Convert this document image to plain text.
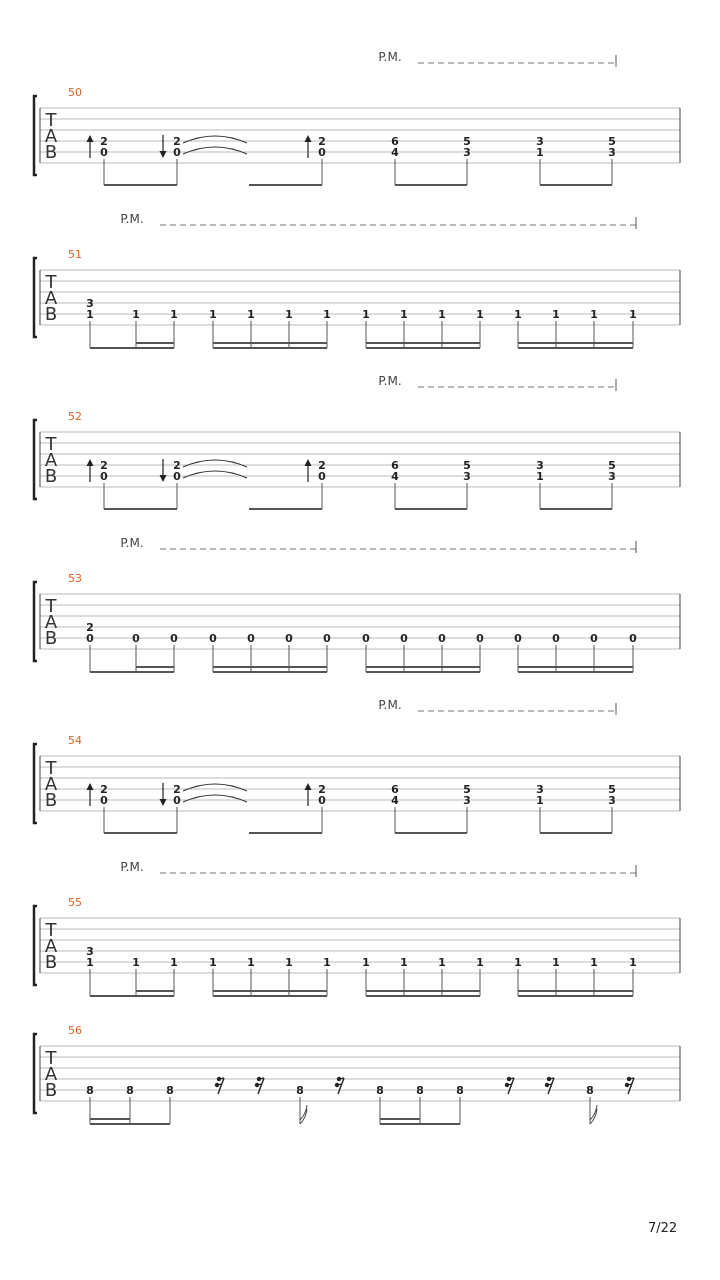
T
A
B
50
P.M.
2
0
2
0
2
0
6
4
5
3
3
1
5
3
T
A
B
51
P.M.
3
1	1	1	1	1	1	1	1	1	1	1	1	1	1	1
T
A
B
52
P.M.
2
0
2
0
2
0
6
4
5
3
3
1
5
3
T
A
B
53
P.M.
2
0	0	0	0	0	0	0	0	0	0	0	0	0	0	0
T
A
B
54
P.M.
2
0
2
0
2
0
6
4
5
3
3
1
5
3
T
A
B
55
P.M.
3
1	1	1	1	1	1	1	1	1	1	1	1	1	1	1
T
A
B
56
8	8	8	8	8	8	8	8
7/22
